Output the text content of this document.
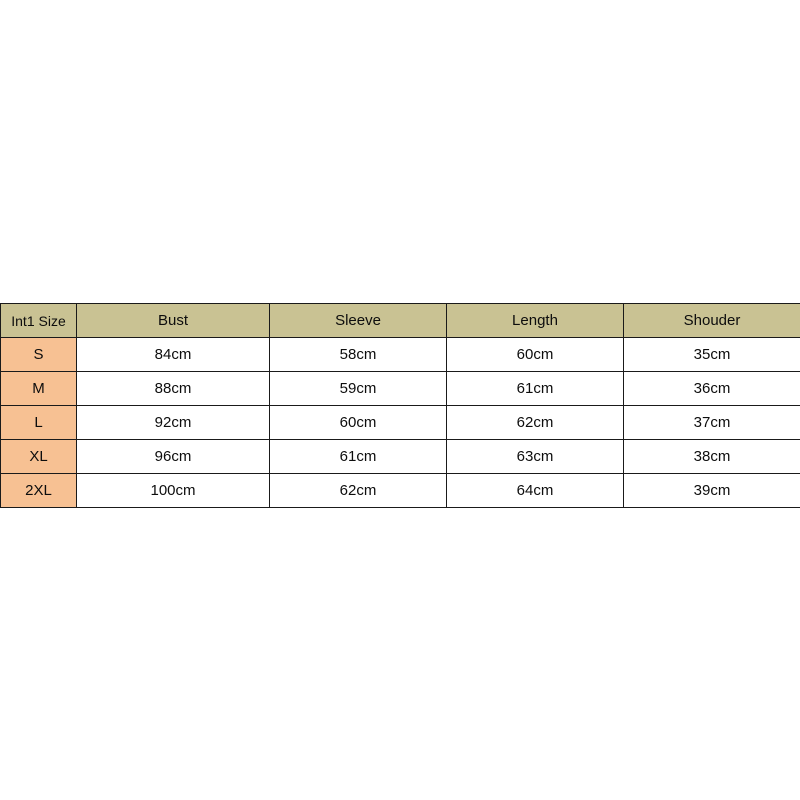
Int1 Size	Bust	Sleeve	Length	Shouder
S	84cm	58cm	60cm	35cm
M	88cm	59cm	61cm	36cm
L	92cm	60cm	62cm	37cm
XL	96cm	61cm	63cm	38cm
2XL	100cm	62cm	64cm	39cm
